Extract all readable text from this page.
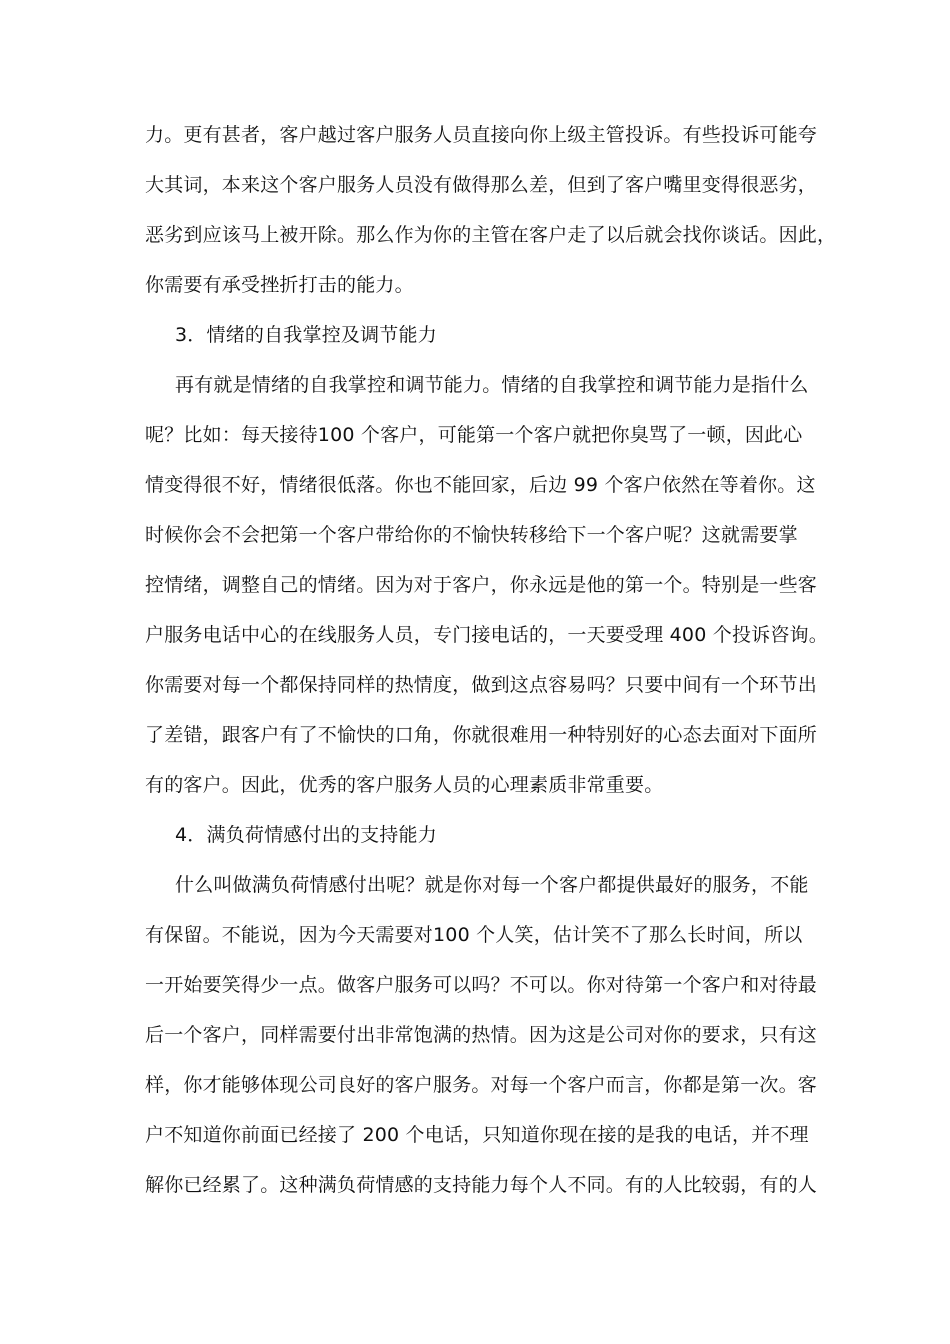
力。更有甚者，客户越过客户服务人员直接向你上级主管投诉。有些投诉可能夸
大其词，本来这个客户服务人员没有做得那么差，但到了客户嘴里变得很恶劣，
恶劣到应该马上被开除。那么作为你的主管在客户走了以后就会找你谈话。因此，
你需要有承受挫折打击的能力。
3．情绪的自我掌控及调节能力
再有就是情绪的自我掌控和调节能力。情绪的自我掌控和调节能力是指什么
呢？比如：每天接待100 个客户，可能第一个客户就把你臭骂了一顿，因此心
情变得很不好，情绪很低落。你也不能回家，后边 99 个客户依然在等着你。这
时候你会不会把第一个客户带给你的不愉快转移给下一个客户呢？这就需要掌
控情绪，调整自己的情绪。因为对于客户，你永远是他的第一个。特别是一些客
户服务电话中心的在线服务人员，专门接电话的，一天要受理 400 个投诉咨询。
你需要对每一个都保持同样的热情度，做到这点容易吗？只要中间有一个环节出
了差错，跟客户有了不愉快的口角，你就很难用一种特别好的心态去面对下面所
有的客户。因此，优秀的客户服务人员的心理素质非常重要。
4．满负荷情感付出的支持能力
什么叫做满负荷情感付出呢？就是你对每一个客户都提供最好的服务，不能
有保留。不能说，因为今天需要对100 个人笑，估计笑不了那么长时间，所以
一开始要笑得少一点。做客户服务可以吗？不可以。你对待第一个客户和对待最
后一个客户，同样需要付出非常饱满的热情。因为这是公司对你的要求，只有这
样，你才能够体现公司良好的客户服务。对每一个客户而言，你都是第一次。客
户不知道你前面已经接了 200 个电话，只知道你现在接的是我的电话，并不理
解你已经累了。这种满负荷情感的支持能力每个人不同。有的人比较弱，有的人
